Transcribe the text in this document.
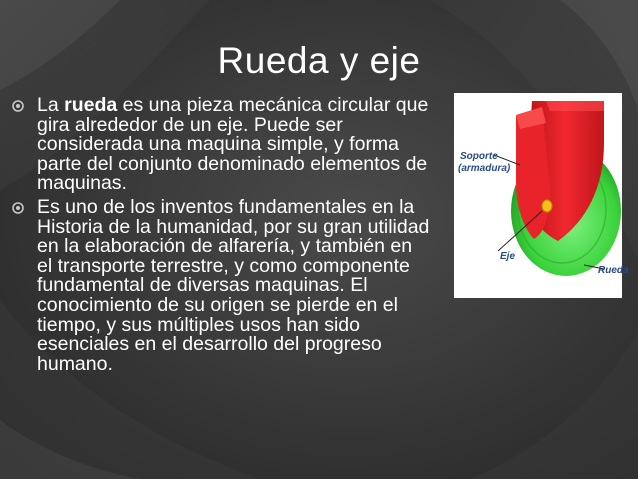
Rueda y eje

La rueda es una pieza mecánica circular que gira alrededor de un eje. Puede ser considerada una maquina simple, y forma parte del conjunto denominado elementos de maquinas.

Es uno de los inventos fundamentales en la Historia de la humanidad, por su gran utilidad en la elaboración de alfarería, y también en el transporte terrestre, y como componente fundamental de diversas maquinas. El conocimiento de su origen se pierde en el tiempo, y sus múltiples usos han sido esenciales en el desarrollo del progreso humano.

Soporte
(armadura)
Eje
Rueda
